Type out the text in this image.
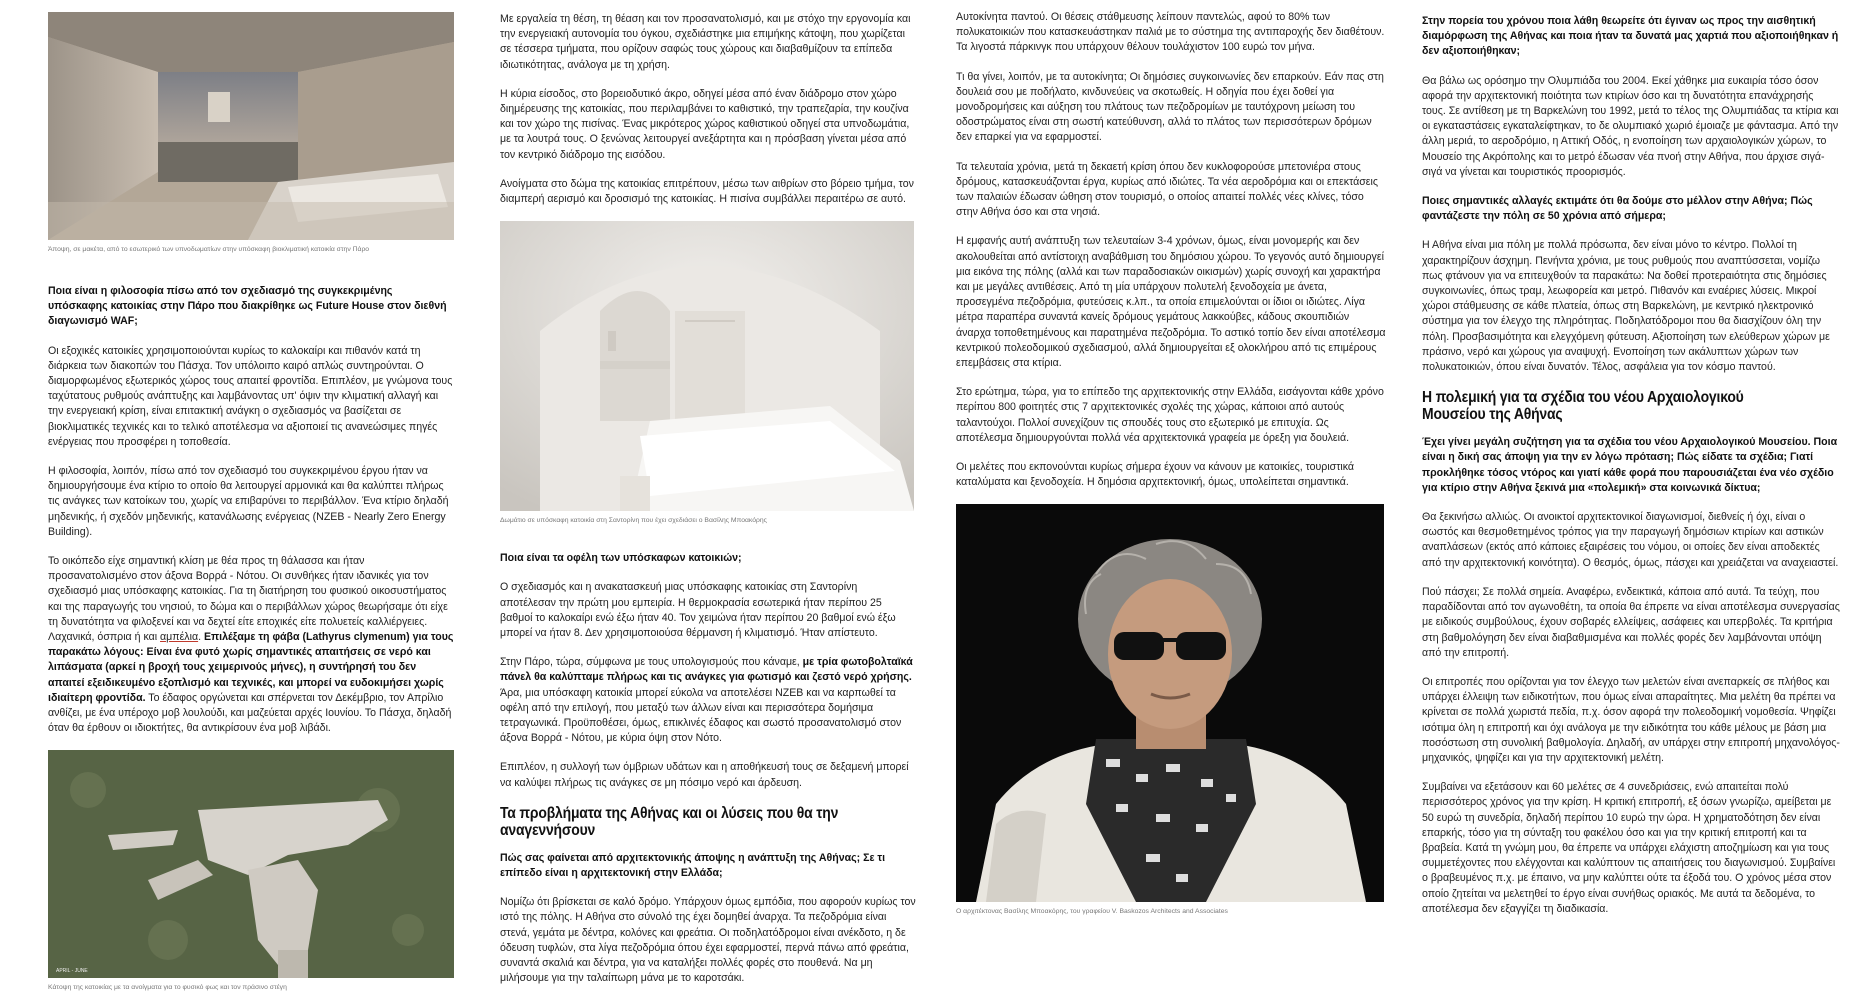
Άποψη, σε μακέτα, από το εσωτερικό των υπνοδωματίων στην υπόσκαφη βιοκλιματική κατοικία στην Πάρο

Ποια είναι η φιλοσοφία πίσω από τον σχεδιασμό της συγκεκριμένης υπόσκαφης κατοικίας στην Πάρο που διακρίθηκε ως Future House στον διεθνή διαγωνισμό WAF;

Οι εξοχικές κατοικίες χρησιμοποιούνται κυρίως το καλοκαίρι και πιθανόν κατά τη διάρκεια των διακοπών του Πάσχα. Τον υπόλοιπο καιρό απλώς συντηρούνται. Ο διαμορφωμένος εξωτερικός χώρος τους απαιτεί φροντίδα. Επιπλέον, με γνώμονα τους ταχύτατους ρυθμούς ανάπτυξης και λαμβάνοντας υπ' όψιν την κλιματική αλλαγή και την ενεργειακή κρίση, είναι επιτακτική ανάγκη ο σχεδιασμός να βασίζεται σε βιοκλιματικές τεχνικές και το τελικό αποτέλεσμα να αξιοποιεί τις ανανεώσιμες πηγές ενέργειας που προσφέρει η τοποθεσία.

Η φιλοσοφία, λοιπόν, πίσω από τον σχεδιασμό του συγκεκριμένου έργου ήταν να δημιουργήσουμε ένα κτίριο το οποίο θα λειτουργεί αρμονικά και θα καλύπτει πλήρως τις ανάγκες των κατοίκων του, χωρίς να επιβαρύνει το περιβάλλον. Ένα κτίριο δηλαδή μηδενικής, ή σχεδόν μηδενικής, κατανάλωσης ενέργειας (NZEB - Nearly Zero Energy Building).

Το οικόπεδο είχε σημαντική κλίση με θέα προς τη θάλασσα και ήταν προσανατολισμένο στον άξονα Βορρά - Νότου. Οι συνθήκες ήταν ιδανικές για τον σχεδιασμό μιας υπόσκαφης κατοικίας. Για τη διατήρηση του φυσικού οικοσυστήματος και της παραγωγής του νησιού, το δώμα και ο περιβάλλων χώρος θεωρήσαμε ότι είχε τη δυνατότητα να φιλοξενεί και να δεχτεί είτε εποχικές είτε πολυετείς καλλιέργειες. Λαχανικά, όσπρια ή και αμπέλια. Επιλέξαμε τη φάβα (Lathyrus clymenum) για τους παρακάτω λόγους: Είναι ένα φυτό χωρίς σημαντικές απαιτήσεις σε νερό και λιπάσματα (αρκεί η βροχή τους χειμερινούς μήνες), η συντήρησή του δεν απαιτεί εξειδικευμένο εξοπλισμό και τεχνικές, και μπορεί να ευδοκιμήσει χωρίς ιδιαίτερη φροντίδα. Το έδαφος οργώνεται και σπέρνεται τον Δεκέμβριο, τον Απρίλιο ανθίζει, με ένα υπέροχο μοβ λουλούδι, και μαζεύεται αρχές Ιουνίου. Το Πάσχα, δηλαδή όταν θα έρθουν οι ιδιοκτήτες, θα αντικρίσουν ένα μοβ λιβάδι.

APRIL - JUNE
Κάτοψη της κατοικίας με τα ανοίγματα για το φυσικό φως και τον πράσινο στέγη

Με εργαλεία τη θέση, τη θέαση και τον προσανατολισμό, και με στόχο την εργονομία και την ενεργειακή αυτονομία του όγκου, σχεδιάστηκε μια επιμήκης κάτοψη, που χωρίζεται σε τέσσερα τμήματα, που ορίζουν σαφώς τους χώρους και διαβαθμίζουν τα επίπεδα ιδιωτικότητας, ανάλογα με τη χρήση.

Η κύρια είσοδος, στο βορειοδυτικό άκρο, οδηγεί μέσα από έναν διάδρομο στον χώρο διημέρευσης της κατοικίας, που περιλαμβάνει το καθιστικό, την τραπεζαρία, την κουζίνα και τον χώρο της πισίνας. Ένας μικρότερος χώρος καθιστικού οδηγεί στα υπνοδωμάτια, με τα λουτρά τους. Ο ξενώνας λειτουργεί ανεξάρτητα και η πρόσβαση γίνεται μέσα από τον κεντρικό διάδρομο της εισόδου.

Ανοίγματα στο δώμα της κατοικίας επιτρέπουν, μέσω των αιθρίων στο βόρειο τμήμα, τον διαμπερή αερισμό και δροσισμό της κατοικίας. Η πισίνα συμβάλλει περαιτέρω σε αυτό.

Δωμάτιο σε υπόσκαφη κατοικία στη Σαντορίνη που έχει σχεδιάσει ο Βασίλης Μποακόρης

Ποια είναι τα οφέλη των υπόσκαφων κατοικιών;

Ο σχεδιασμός και η ανακατασκευή μιας υπόσκαφης κατοικίας στη Σαντορίνη αποτέλεσαν την πρώτη μου εμπειρία. Η θερμοκρασία εσωτερικά ήταν περίπου 25 βαθμοί το καλοκαίρι ενώ έξω ήταν 40. Τον χειμώνα ήταν περίπου 20 βαθμοί ενώ έξω μπορεί να ήταν 8. Δεν χρησιμοποιούσα θέρμανση ή κλιματισμό. Ήταν απίστευτο.

Στην Πάρο, τώρα, σύμφωνα με τους υπολογισμούς που κάναμε, με τρία φωτοβολταϊκά πάνελ θα καλύπταμε πλήρως και τις ανάγκες για φωτισμό και ζεστό νερό χρήσης. Άρα, μια υπόσκαφη κατοικία μπορεί εύκολα να αποτελέσει NZEB και να καρπωθεί τα οφέλη από την επιλογή, που μεταξύ των άλλων είναι και περισσότερα δομήσιμα τετραγωνικά. Προϋποθέσει, όμως, επικλινές έδαφος και σωστό προσανατολισμό στον άξονα Βορρά - Νότου, με κύρια όψη στον Νότο.

Επιπλέον, η συλλογή των όμβριων υδάτων και η αποθήκευσή τους σε δεξαμενή μπορεί να καλύψει πλήρως τις ανάγκες σε μη πόσιμο νερό και άρδευση.

Τα προβλήματα της Αθήνας και οι λύσεις που θα την αναγεννήσουν

Πώς σας φαίνεται από αρχιτεκτονικής άποψης η ανάπτυξη της Αθήνας; Σε τι επίπεδο είναι η αρχιτεκτονική στην Ελλάδα;

Νομίζω ότι βρίσκεται σε καλό δρόμο. Υπάρχουν όμως εμπόδια, που αφορούν κυρίως τον ιστό της πόλης. Η Αθήνα στο σύνολό της έχει δομηθεί άναρχα. Τα πεζοδρόμια είναι στενά, γεμάτα με δέντρα, κολόνες και φρεάτια. Οι ποδηλατόδρομοι είναι ανέκδοτο, η δε όδευση τυφλών, στα λίγα πεζοδρόμια όπου έχει εφαρμοστεί, περνά πάνω από φρεάτια, συναντά σκαλιά και δέντρα, για να καταλήξει πολλές φορές στο πουθενά. Να μη μιλήσουμε για την ταλαίπωρη μάνα με το καροτσάκι.

Αυτοκίνητα παντού. Οι θέσεις στάθμευσης λείπουν παντελώς, αφού το 80% των πολυκατοικιών που κατασκευάστηκαν παλιά με το σύστημα της αντιπαροχής δεν διαθέτουν. Τα λιγοστά πάρκινγκ που υπάρχουν θέλουν τουλάχιστον 100 ευρώ τον μήνα.

Τι θα γίνει, λοιπόν, με τα αυτοκίνητα; Οι δημόσιες συγκοινωνίες δεν επαρκούν. Εάν πας στη δουλειά σου με ποδήλατο, κινδυνεύεις να σκοτωθείς. Η οδηγία που έχει δοθεί για μονοδρομήσεις και αύξηση του πλάτους των πεζοδρομίων με ταυτόχρονη μείωση του οδοστρώματος είναι στη σωστή κατεύθυνση, αλλά το πλάτος των περισσότερων δρόμων δεν επαρκεί για να εφαρμοστεί.

Τα τελευταία χρόνια, μετά τη δεκαετή κρίση όπου δεν κυκλοφορούσε μπετονιέρα στους δρόμους, κατασκευάζονται έργα, κυρίως από ιδιώτες. Τα νέα αεροδρόμια και οι επεκτάσεις των παλαιών έδωσαν ώθηση στον τουρισμό, ο οποίος απαιτεί πολλές νέες κλίνες, τόσο στην Αθήνα όσο και στα νησιά.

Η εμφανής αυτή ανάπτυξη των τελευταίων 3-4 χρόνων, όμως, είναι μονομερής και δεν ακολουθείται από αντίστοιχη αναβάθμιση του δημόσιου χώρου. Το γεγονός αυτό δημιουργεί μια εικόνα της πόλης (αλλά και των παραδοσιακών οικισμών) χωρίς συνοχή και χαρακτήρα και με μεγάλες αντιθέσεις. Από τη μία υπάρχουν πολυτελή ξενοδοχεία με άνετα, προσεγμένα πεζοδρόμια, φυτεύσεις κ.λπ., τα οποία επιμελούνται οι ίδιοι οι ιδιώτες. Λίγα μέτρα παραπέρα συναντά κανείς δρόμους γεμάτους λακκούβες, κάδους σκουπιδιών άναρχα τοποθετημένους και παρατημένα πεζοδρόμια. Το αστικό τοπίο δεν είναι αποτέλεσμα κεντρικού πολεοδομικού σχεδιασμού, αλλά δημιουργείται εξ ολοκλήρου από τις επιμέρους επεμβάσεις στα κτίρια.

Στο ερώτημα, τώρα, για το επίπεδο της αρχιτεκτονικής στην Ελλάδα, εισάγονται κάθε χρόνο περίπου 800 φοιτητές στις 7 αρχιτεκτονικές σχολές της χώρας, κάποιοι από αυτούς ταλαντούχοι. Πολλοί συνεχίζουν τις σπουδές τους στο εξωτερικό με επιτυχία. Ως αποτέλεσμα δημιουργούνται πολλά νέα αρχιτεκτονικά γραφεία με όρεξη για δουλειά.

Οι μελέτες που εκπονούνται κυρίως σήμερα έχουν να κάνουν με κατοικίες, τουριστικά καταλύματα και ξενοδοχεία. Η δημόσια αρχιτεκτονική, όμως, υπολείπεται σημαντικά.

Ο αρχιτέκτονας Βασίλης Μποακόρης, του γραφείου V. Baskozos Architects and Associates

Στην πορεία του χρόνου ποια λάθη θεωρείτε ότι έγιναν ως προς την αισθητική διαμόρφωση της Αθήνας και ποια ήταν τα δυνατά μας χαρτιά που αξιοποιήθηκαν ή δεν αξιοποιήθηκαν;

Θα βάλω ως ορόσημο την Ολυμπιάδα του 2004. Εκεί χάθηκε μια ευκαιρία τόσο όσον αφορά την αρχιτεκτονική ποιότητα των κτιρίων όσο και τη δυνατότητα επανάχρησής τους. Σε αντίθεση με τη Βαρκελώνη του 1992, μετά το τέλος της Ολυμπιάδας τα κτίρια και οι εγκαταστάσεις εγκαταλείφτηκαν, το δε ολυμπιακό χωριό έμοιαζε με φάντασμα. Από την άλλη μεριά, το αεροδρόμιο, η Αττική Οδός, η ενοποίηση των αρχαιολογικών χώρων, το Μουσείο της Ακρόπολης και το μετρό έδωσαν νέα πνοή στην Αθήνα, που άρχισε σιγά-σιγά να γίνεται και τουριστικός προορισμός.

Ποιες σημαντικές αλλαγές εκτιμάτε ότι θα δούμε στο μέλλον στην Αθήνα; Πώς φαντάζεστε την πόλη σε 50 χρόνια από σήμερα;

Η Αθήνα είναι μια πόλη με πολλά πρόσωπα, δεν είναι μόνο το κέντρο. Πολλοί τη χαρακτηρίζουν άσχημη. Πενήντα χρόνια, με τους ρυθμούς που αναπτύσσεται, νομίζω πως φτάνουν για να επιτευχθούν τα παρακάτω: Να δοθεί προτεραιότητα στις δημόσιες συγκοινωνίες, όπως τραμ, λεωφορεία και μετρό. Πιθανόν και εναέριες λύσεις. Μικροί χώροι στάθμευσης σε κάθε πλατεία, όπως στη Βαρκελώνη, με κεντρικό ηλεκτρονικό σύστημα για τον έλεγχο της πληρότητας. Ποδηλατόδρομοι που θα διασχίζουν όλη την πόλη. Προσβασιμότητα και ελεγχόμενη φύτευση. Αξιοποίηση των ελεύθερων χώρων με πράσινο, νερό και χώρους για αναψυχή. Ενοποίηση των ακάλυπτων χώρων των πολυκατοικιών, όπου είναι δυνατόν. Τέλος, ασφάλεια για τον κόσμο παντού.

Η πολεμική για τα σχέδια του νέου Αρχαιολογικού Μουσείου της Αθήνας

Έχει γίνει μεγάλη συζήτηση για τα σχέδια του νέου Αρχαιολογικού Μουσείου. Ποια είναι η δική σας άποψη για την εν λόγω πρόταση; Πώς είδατε τα σχέδια; Γιατί προκλήθηκε τόσος ντόρος και γιατί κάθε φορά που παρουσιάζεται ένα νέο σχέδιο για κτίριο στην Αθήνα ξεκινά μια «πολεμική» στα κοινωνικά δίκτυα;

Θα ξεκινήσω αλλιώς. Οι ανοικτοί αρχιτεκτονικοί διαγωνισμοί, διεθνείς ή όχι, είναι ο σωστός και θεσμοθετημένος τρόπος για την παραγωγή δημόσιων κτιρίων και αστικών αναπλάσεων (εκτός από κάποιες εξαιρέσεις του νόμου, οι οποίες δεν είναι αποδεκτές από την αρχιτεκτονική κοινότητα). Ο θεσμός, όμως, πάσχει και χρειάζεται να αναχειαστεί.

Πού πάσχει; Σε πολλά σημεία. Αναφέρω, ενδεικτικά, κάποια από αυτά. Τα τεύχη, που παραδίδονται από τον αγωνοθέτη, τα οποία θα έπρεπε να είναι αποτέλεσμα συνεργασίας με ειδικούς συμβούλους, έχουν σοβαρές ελλείψεις, ασάφειες και υπερβολές. Τα κριτήρια στη βαθμολόγηση δεν είναι διαβαθμισμένα και πολλές φορές δεν λαμβάνονται υπόψη από την επιτροπή.

Οι επιτροπές που ορίζονται για τον έλεγχο των μελετών είναι ανεπαρκείς σε πλήθος και υπάρχει έλλειψη των ειδικοτήτων, που όμως είναι απαραίτητες. Μια μελέτη θα πρέπει να κρίνεται σε πολλά χωριστά πεδία, π.χ. όσον αφορά την πολεοδομική νομοθεσία. Ψηφίζει ισότιμα όλη η επιτροπή και όχι ανάλογα με την ειδικότητα του κάθε μέλους με βάση μια ποσόστωση στη συνολική βαθμολογία. Δηλαδή, αν υπάρχει στην επιτροπή μηχανολόγος-μηχανικός, ψηφίζει και για την αρχιτεκτονική μελέτη.

Συμβαίνει να εξετάσουν και 60 μελέτες σε 4 συνεδριάσεις, ενώ απαιτείται πολύ περισσότερος χρόνος για την κρίση. Η κριτική επιτροπή, εξ όσων γνωρίζω, αμείβεται με 50 ευρώ τη συνεδρία, δηλαδή περίπου 10 ευρώ την ώρα. Η χρηματοδότηση δεν είναι επαρκής, τόσο για τη σύνταξη του φακέλου όσο και για την κριτική επιτροπή και τα βραβεία. Κατά τη γνώμη μου, θα έπρεπε να υπάρχει ελάχιστη αποζημίωση και για τους συμμετέχοντες που ελέγχονται και καλύπτουν τις απαιτήσεις του διαγωνισμού. Συμβαίνει ο βραβευμένος π.χ. με έπαινο, να μην καλύπτει ούτε τα έξοδά του. Ο χρόνος μέσα στον οποίο ζητείται να μελετηθεί το έργο είναι συνήθως οριακός. Με αυτά τα δεδομένα, το αποτέλεσμα δεν εξαγγίζει τη διαδικασία.
